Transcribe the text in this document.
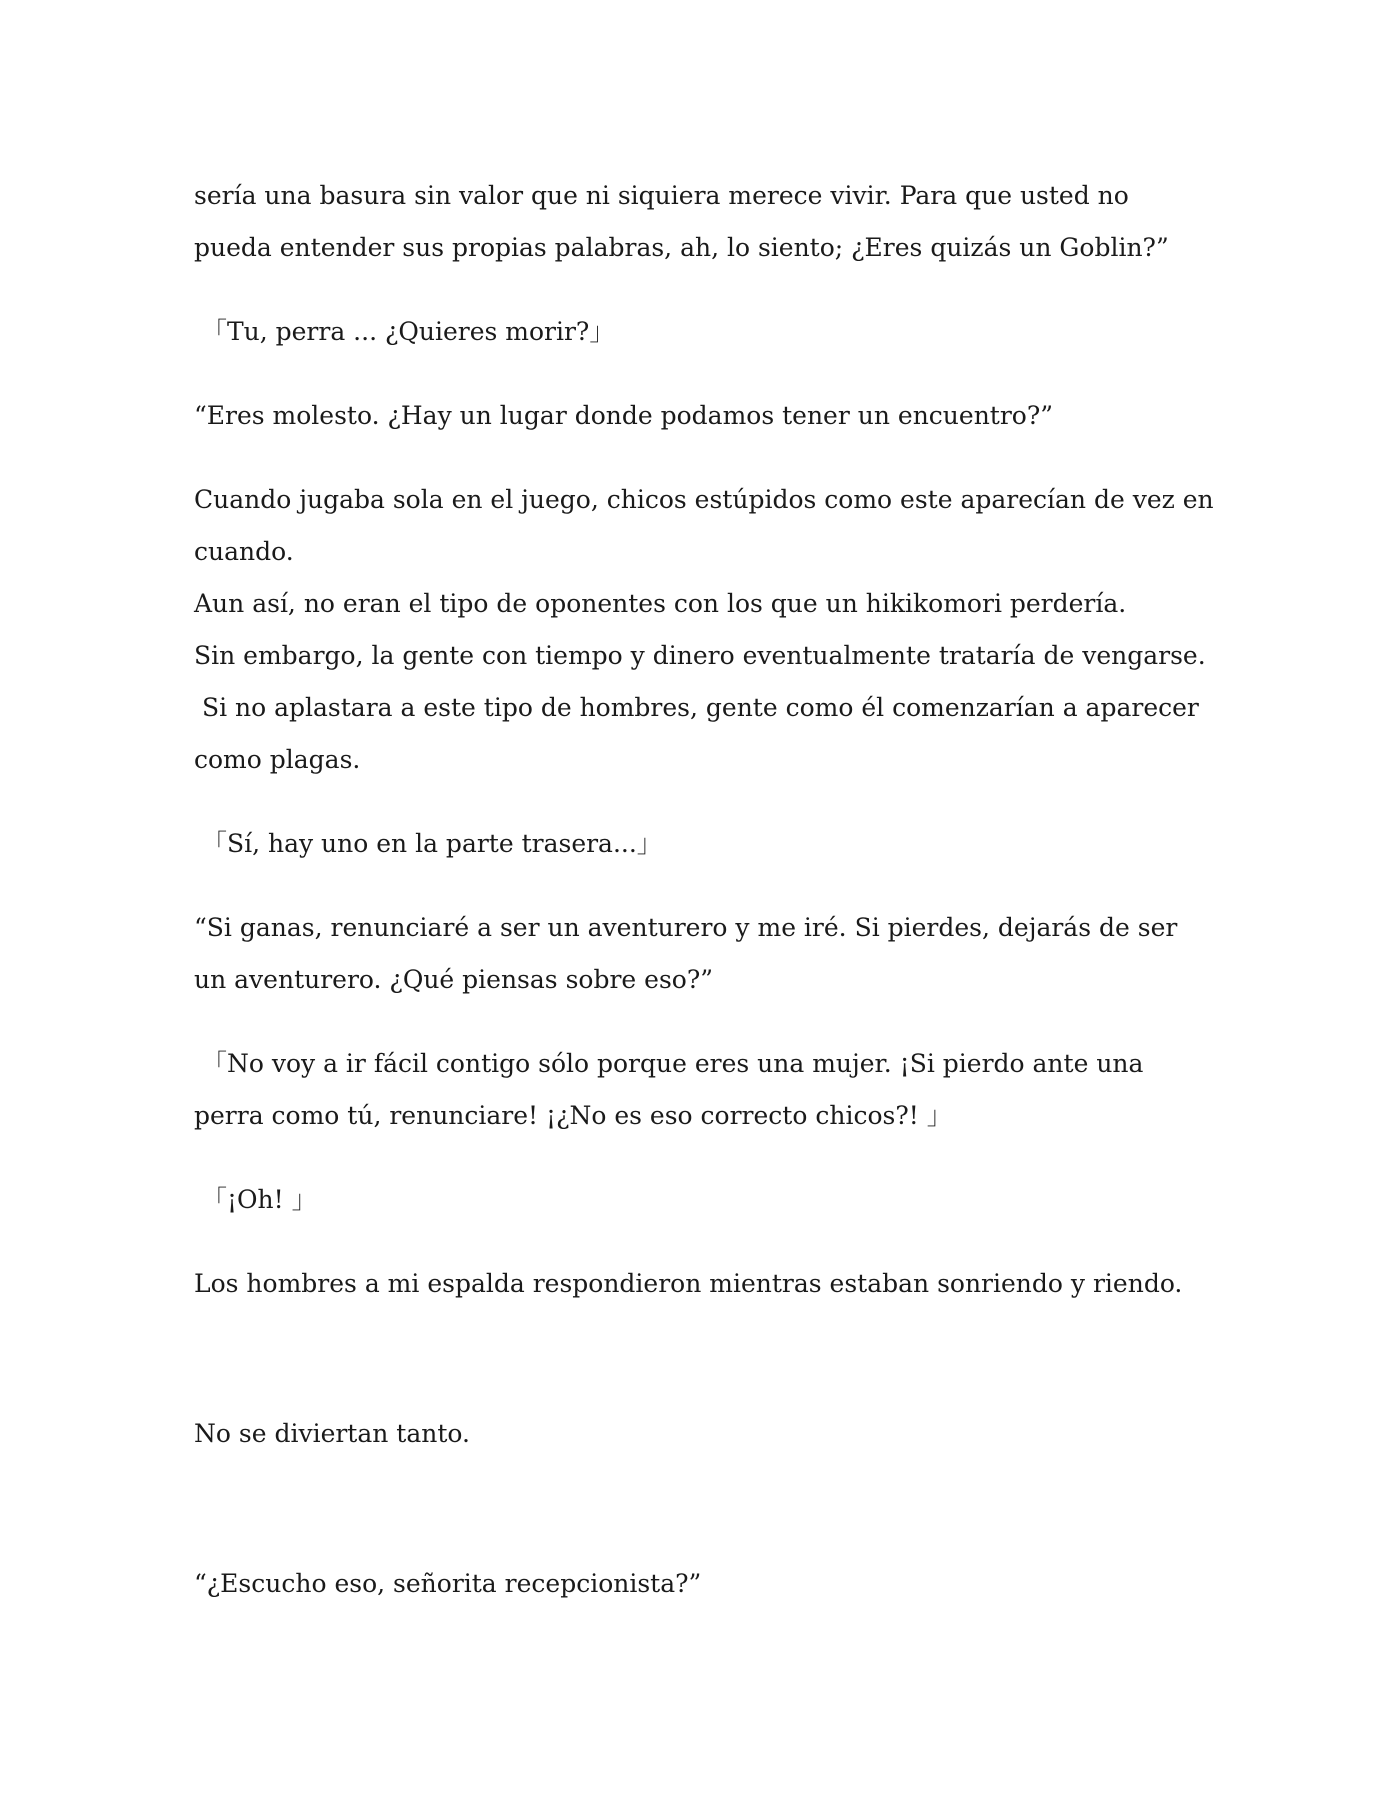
sería una basura sin valor que ni siquiera merece vivir. Para que usted no pueda entender sus propias palabras, ah, lo siento; ¿Eres quizás un Goblin?”

「Tu, perra ... ¿Quieres morir?」

“Eres molesto. ¿Hay un lugar donde podamos tener un encuentro?”

Cuando jugaba sola en el juego, chicos estúpidos como este aparecían de vez en cuando.
Aun así, no eran el tipo de oponentes con los que un hikikomori perdería.
Sin embargo, la gente con tiempo y dinero eventualmente trataría de vengarse.
Si no aplastara a este tipo de hombres, gente como él comenzarían a aparecer como plagas.

「Sí, hay uno en la parte trasera...」

“Si ganas, renunciaré a ser un aventurero y me iré. Si pierdes, dejarás de ser un aventurero. ¿Qué piensas sobre eso?”

「No voy a ir fácil contigo sólo porque eres una mujer. ¡Si pierdo ante una perra como tú, renunciare! ¡¿No es eso correcto chicos?! 」

「¡Oh! 」

Los hombres a mi espalda respondieron mientras estaban sonriendo y riendo.

No se diviertan tanto.

“¿Escucho eso, señorita recepcionista?”
